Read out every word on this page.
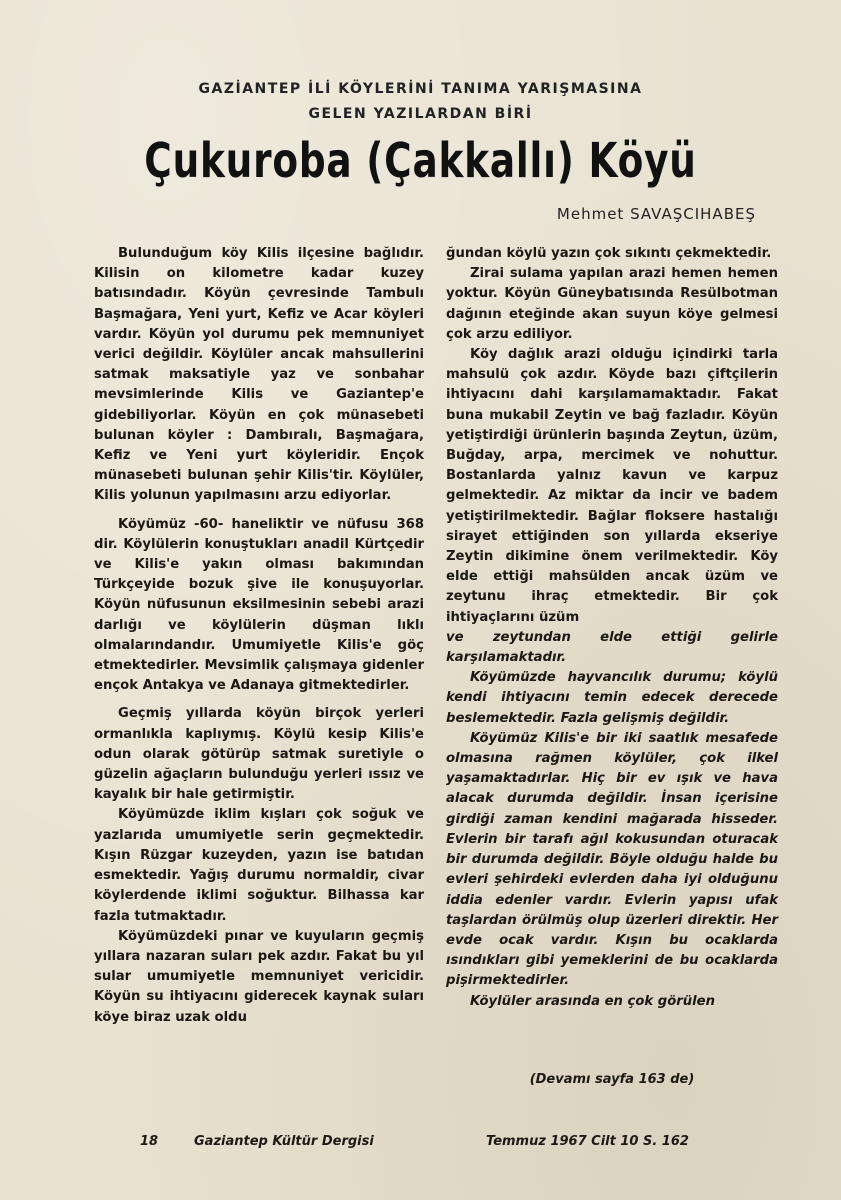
GAZİANTEP İLİ KÖYLERİNİ TANIMA YARIŞMASINA
GELEN YAZILARDAN BİRİ
Çukuroba (Çakkallı) Köyü
Mehmet SAVAŞCIHABEŞ

Bulunduğum köy Kilis ilçesine bağlıdır. Kilisin on kilometre kadar kuzey batısındadır. Köyün çevresinde Tambulı Başmağara, Yeni yurt, Kefiz ve Acar köyleri vardır. Köyün yol durumu pek memnuniyet verici değildir. Köylüler ancak mahsullerini satmak maksatiyle yaz ve sonbahar mevsimlerinde Kilis ve Gaziantep'e gidebiliyorlar. Köyün en çok münasebeti bulunan köyler : Dambıralı, Başmağara, Kefiz ve Yeni yurt köyleridir. Ençok münasebeti bulunan şehir Kilis'tir. Köylüler, Kilis yolunun yapılmasını arzu ediyorlar.

Köyümüz -60- haneliktir ve nüfusu 368 dir. Köylülerin konuştukları anadil Kürtçedir ve Kilis'e yakın olması bakımından Türkçeyide bozuk şive ile konuşuyorlar. Köyün nüfusunun eksilmesinin sebebi arazi darlığı ve köylülerin düşman lıklı olmalarındandır. Umumiyetle Kilis'e göç etmektedirler. Mevsimlik çalışmaya gidenler ençok Antakya ve Adanaya gitmektedirler.

Geçmiş yıllarda köyün birçok yerleri ormanlıkla kaplıymış. Köylü kesip Kilis'e odun olarak götürüp satmak suretiyle o güzelin ağaçların bulunduğu yerleri ıssız ve kayalık bir hale getirmiştir.

Köyümüzde iklim kışları çok soğuk ve yazlarıda umumiyetle serin geçmektedir. Kışın Rüzgar kuzeyden, yazın ise batıdan esmektedir. Yağış durumu normaldir, civar köylerdende iklimi soğuktur. Bilhassa kar fazla tutmaktadır.

Köyümüzdeki pınar ve kuyuların geçmiş yıllara nazaran suları pek azdır. Fakat bu yıl sular umumiyetle memnuniyet vericidir. Köyün su ihtiyacını giderecek kaynak suları köye biraz uzak oldu

ğundan köylü yazın çok sıkıntı çekmektedir.

Zirai sulama yapılan arazi hemen hemen yoktur. Köyün Güneybatısında Resülbotman dağının eteğinde akan suyun köye gelmesi çok arzu ediliyor.

Köy dağlık arazi olduğu içindirki tarla mahsulü çok azdır. Köyde bazı çiftçilerin ihtiyacını dahi karşılamamaktadır. Fakat buna mukabil Zeytin ve bağ fazladır. Köyün yetiştirdiği ürünlerin başında Zeytun, üzüm, Buğday, arpa, mercimek ve nohuttur. Bostanlarda yalnız kavun ve karpuz gelmektedir. Az miktar da incir ve badem yetiştirilmektedir. Bağlar floksere hastalığı sirayet ettiğinden son yıllarda ekseriye Zeytin dikimine önem verilmektedir. Köy elde ettiği mahsülden ancak üzüm ve zeytunu ihraç etmektedir. Bir çok ihtiyaçlarını üzüm

ve zeytundan elde ettiği gelirle karşılamaktadır.

Köyümüzde hayvancılık durumu; köylü kendi ihtiyacını temin edecek derecede beslemektedir. Fazla gelişmiş değildir.

Köyümüz Kilis'e bir iki saatlık mesafede olmasına rağmen köylüler, çok ilkel yaşamaktadırlar. Hiç bir ev ışık ve hava alacak durumda değildir. İnsan içerisine girdiği zaman kendini mağarada hisseder. Evlerin bir tarafı ağıl kokusundan oturacak bir durumda değildir. Böyle olduğu halde bu evleri şehirdeki evlerden daha iyi olduğunu iddia edenler vardır. Evlerin yapısı ufak taşlardan örülmüş olup üzerleri direktir. Her evde ocak vardır. Kışın bu ocaklarda ısındıkları gibi yemeklerini de bu ocaklarda pişirmektedirler.

Köylüler arasında en çok görülen

(Devamı sayfa 163 de)
18	Gaziantep Kültür Dergisi	Temmuz 1967 Cilt 10 S. 162
